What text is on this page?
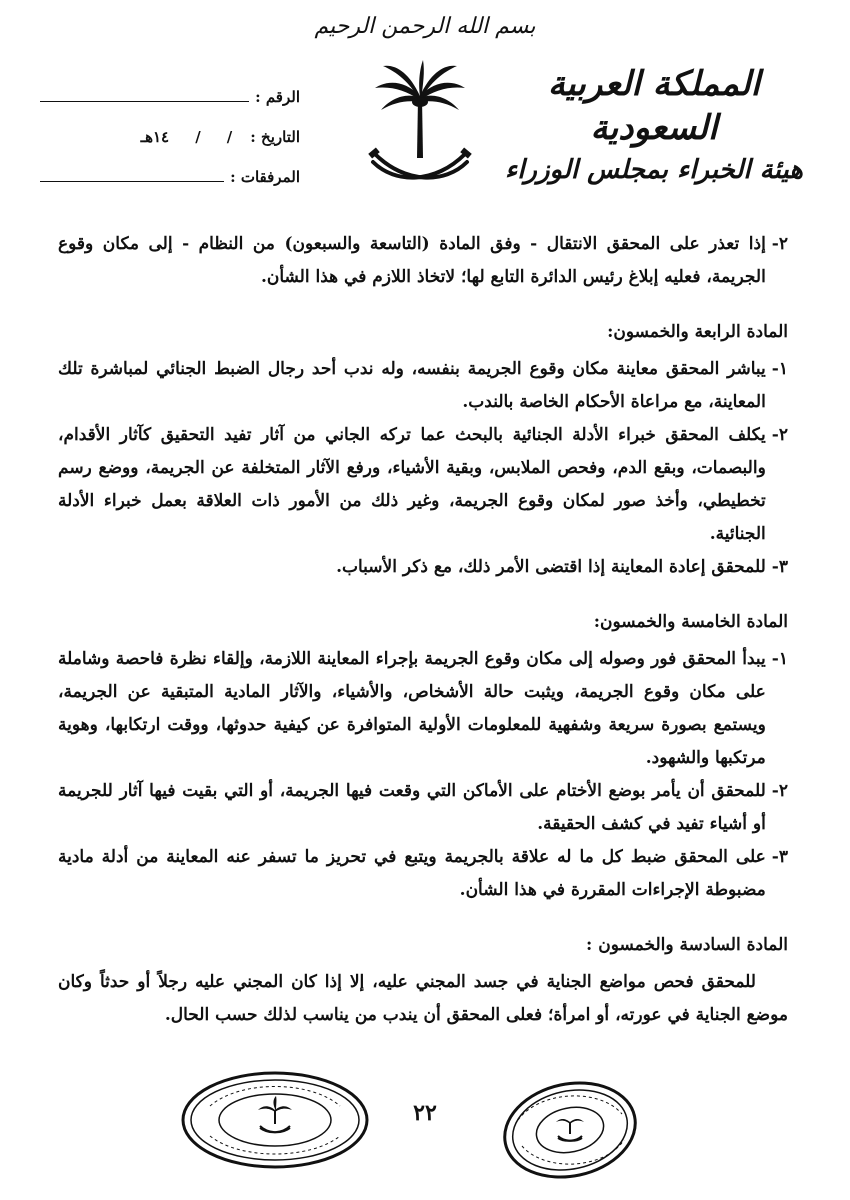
بسم الله الرحمن الرحيم
المملكة العربية السعودية
هيئة الخبراء بمجلس الوزراء
الرقم :
التاريخ :
/     /     ١٤هـ
المرفقات :
٢-
إذا تعذر على المحقق الانتقال - وفق المادة (التاسعة والسبعون) من النظام - إلى مكان وقوع الجريمة، فعليه إبلاغ رئيس الدائرة التابع لها؛ لاتخاذ اللازم في هذا الشأن.
المادة الرابعة والخمسون:
١-
يباشر المحقق معاينة مكان وقوع الجريمة بنفسه، وله ندب أحد رجال الضبط الجنائي لمباشرة تلك المعاينة، مع مراعاة الأحكام الخاصة بالندب.
٢-
يكلف المحقق خبراء الأدلة الجنائية بالبحث عما تركه الجاني من آثار تفيد التحقيق كآثار الأقدام، والبصمات، وبقع الدم، وفحص الملابس، وبقية الأشياء، ورفع الآثار المتخلفة عن الجريمة، ووضع رسم تخطيطي، وأخذ صور لمكان وقوع الجريمة، وغير ذلك من الأمور ذات العلاقة بعمل خبراء الأدلة الجنائية.
٣-
للمحقق إعادة المعاينة إذا اقتضى الأمر ذلك، مع ذكر الأسباب.
المادة الخامسة والخمسون:
١-
يبدأ المحقق فور وصوله إلى مكان وقوع الجريمة بإجراء المعاينة اللازمة، وإلقاء نظرة فاحصة وشاملة على مكان وقوع الجريمة، ويثبت حالة الأشخاص، والأشياء، والآثار المادية المتبقية عن الجريمة، ويستمع بصورة سريعة وشفهية للمعلومات الأولية المتوافرة عن كيفية حدوثها، ووقت ارتكابها، وهوية مرتكبها والشهود.
٢-
للمحقق أن يأمر بوضع الأختام على الأماكن التي وقعت فيها الجريمة، أو التي بقيت فيها آثار للجريمة أو أشياء تفيد في كشف الحقيقة.
٣-
على المحقق ضبط كل ما له علاقة بالجريمة ويتبع في تحريز ما تسفر عنه المعاينة من أدلة مادية مضبوطة الإجراءات المقررة في هذا الشأن.
المادة السادسة والخمسون :

للمحقق فحص مواضع الجناية في جسد المجني عليه، إلا إذا كان المجني عليه رجلاً أو حدثاً وكان موضع الجناية في عورته، أو امرأة؛ فعلى المحقق أن يندب من يناسب لذلك حسب الحال.

٢٢
